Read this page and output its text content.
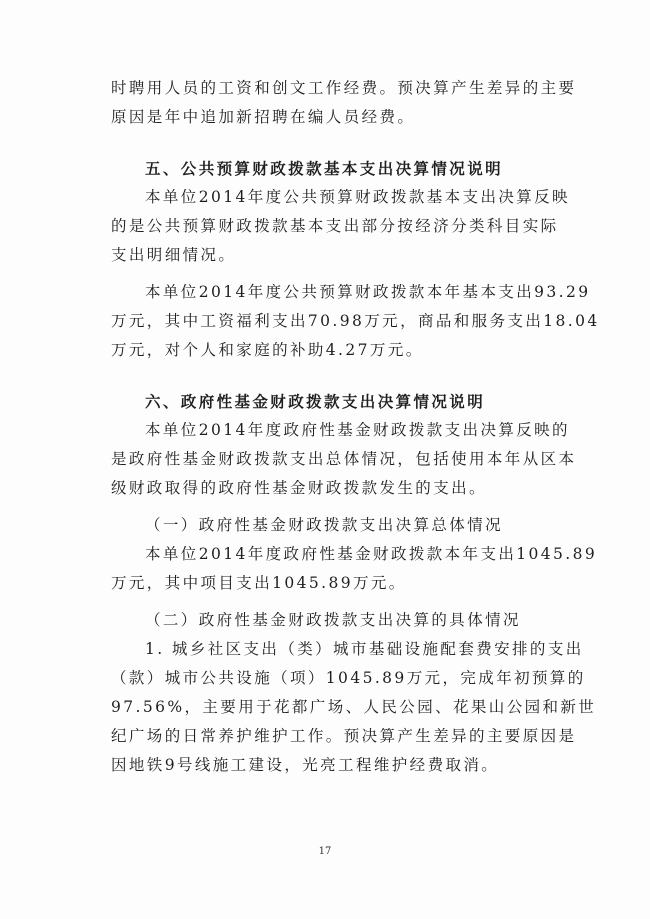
时聘用人员的工资和创文工作经费。预决算产生差异的主要
原因是年中追加新招聘在编人员经费。
五、公共预算财政拨款基本支出决算情况说明
本单位2014年度公共预算财政拨款基本支出决算反映
的是公共预算财政拨款基本支出部分按经济分类科目实际
支出明细情况。
本单位2014年度公共预算财政拨款本年基本支出93.29
万元，其中工资福利支出70.98万元，商品和服务支出18.04
万元，对个人和家庭的补助4.27万元。
六、政府性基金财政拨款支出决算情况说明
本单位2014年度政府性基金财政拨款支出决算反映的
是政府性基金财政拨款支出总体情况，包括使用本年从区本
级财政取得的政府性基金财政拨款发生的支出。
（一）政府性基金财政拨款支出决算总体情况
本单位2014年度政府性基金财政拨款本年支出1045.89
万元，其中项目支出1045.89万元。
（二）政府性基金财政拨款支出决算的具体情况
1. 城乡社区支出（类）城市基础设施配套费安排的支出
（款）城市公共设施（项）1045.89万元，完成年初预算的
97.56%，主要用于花都广场、人民公园、花果山公园和新世
纪广场的日常养护维护工作。预决算产生差异的主要原因是
因地铁9号线施工建设，光亮工程维护经费取消。
17
